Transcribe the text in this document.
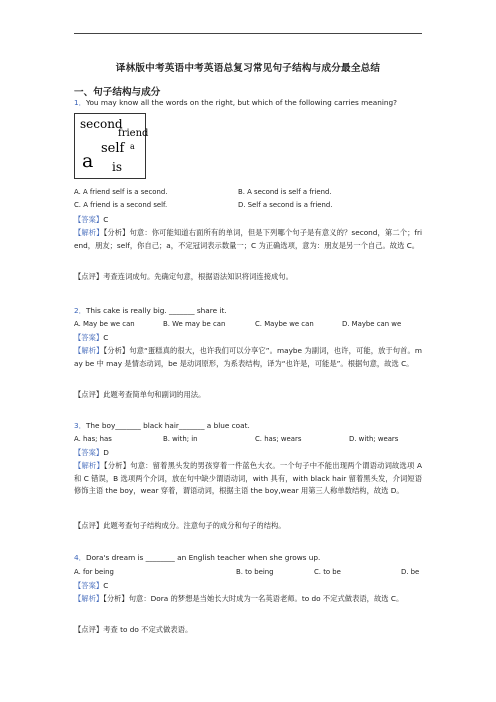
译林版中考英语中考英语总复习常见句子结构与成分最全总结
一、句子结构与成分
1．You may know all the words on the right, but which of the following carries meaning?
second
friend
a
self
a is
A. A friend self is a second.	B. A second is self a friend.
C. A friend is a second self.	D. Self a second is a friend.
【答案】C
【解析】【分析】句意：你可能知道右面所有的单词，但是下列哪个句子是有意义的？second，第二个；friend，朋友；self，你自己；a，不定冠词表示数量一；C 为正确选项，意为：朋友是另一个自己。故选 C。
【点评】考查连词成句。先确定句意，根据语法知识将词连接成句。
2．This cake is really big. _______ share it.
A. May be we can	B. We may be can	C. Maybe we can	D. Maybe can we
【答案】C
【解析】【分析】句意“蛋糕真的很大，也许我们可以分享它”。maybe 为副词，也许，可能，放于句首。may be 中 may 是情态动词，be 是动词原形，为系表结构，译为“也许是，可能是”。根据句意，故选 C。
【点评】此题考查简单句和副词的用法。
3．The boy_______ black hair_______ a blue coat.
A. has; has	B. with; in	C. has; wears	D. with; wears
【答案】D
【解析】【分析】句意：留着黑头发的男孩穿着一件蓝色大衣。一个句子中不能出现两个谓语动词故选项 A 和 C 错误，B 选项两个介词，放在句中缺少谓语动词，with 具有，with black hair 留着黑头发，介词短语修饰主语 the boy，wear 穿着，谓语动词，根据主语 the boy,wear 用第三人称单数结构，故选 D。
【点评】此题考查句子结构成分。注意句子的成分和句子的结构。
4．Dora's dream is ________ an English teacher when she grows up.
A. for being	B. to being	C. to be	D. be
【答案】C
【解析】【分析】句意：Dora 的梦想是当她长大时成为一名英语老师。to do 不定式做表语，故选 C。
【点评】考查 to do 不定式做表语。
